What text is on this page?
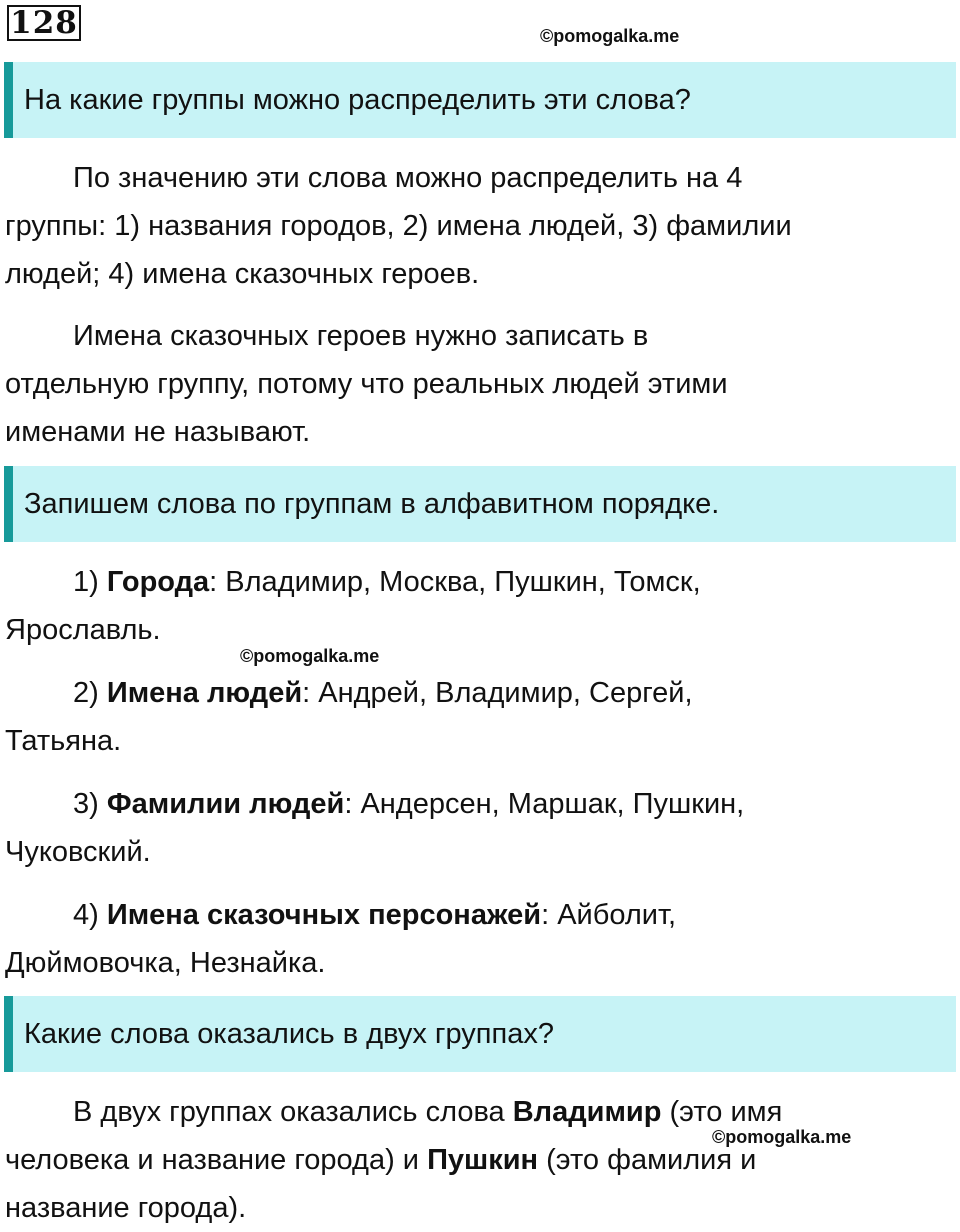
128	©pomogalka.me
На какие группы можно распределить эти слова?

По значению эти слова можно распределить на 4
группы: 1) названия городов, 2) имена людей, 3) фамилии
людей; 4) имена сказочных героев.

Имена сказочных героев нужно записать в
отдельную группу, потому что реальных людей этими
именами не называют.

Запишем слова по группам в алфавитном порядке.

1) Города: Владимир, Москва, Пушкин, Томск,
Ярославль.

©pomogalka.me

2) Имена людей: Андрей, Владимир, Сергей,
Татьяна.

3) Фамилии людей: Андерсен, Маршак, Пушкин,
Чуковский.

4) Имена сказочных персонажей: Айболит,
Дюймовочка, Незнайка.

Какие слова оказались в двух группах?

В двух группах оказались слова Владимир (это имя
человека и название города) и Пушкин (это фамилия и
название города).

©pomogalka.me
